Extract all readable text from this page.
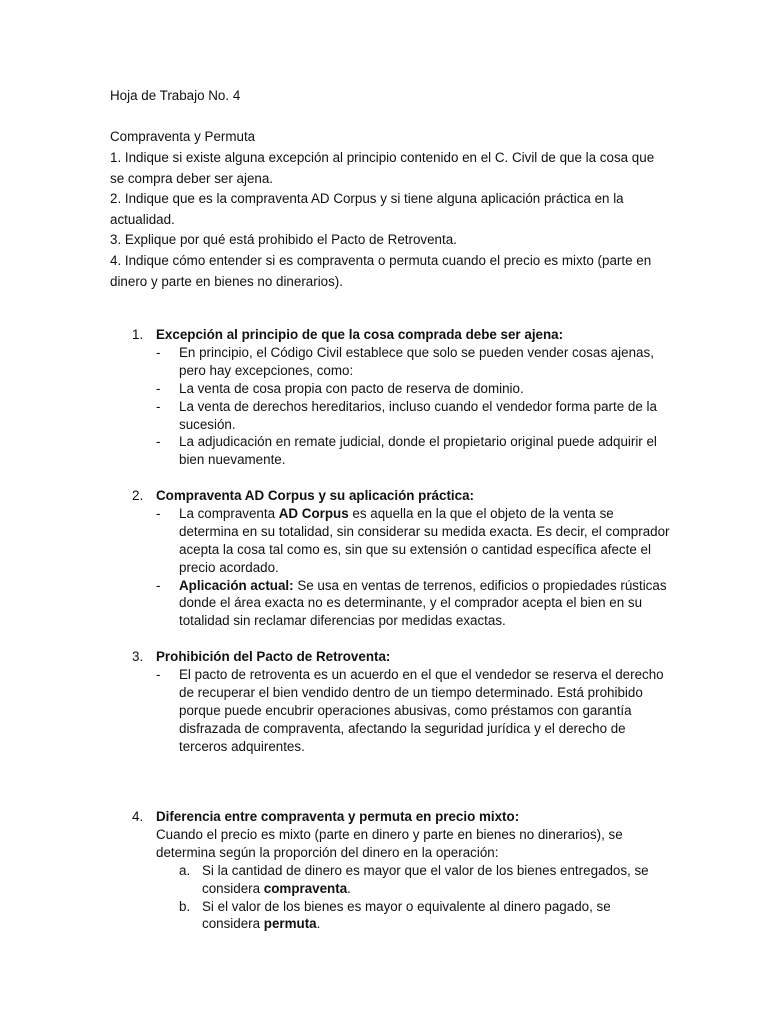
Hoja de Trabajo No. 4

Compraventa y Permuta

1. Indique si existe alguna excepción al principio contenido en el C. Civil de que la cosa que se compra deber ser ajena.
2. Indique que es la compraventa AD Corpus y si tiene alguna aplicación práctica en la actualidad.
3. Explique por qué está prohibido el Pacto de Retroventa.
4. Indique cómo entender si es compraventa o permuta cuando el precio es mixto (parte en dinero y parte en bienes no dinerarios).
1. Excepción al principio de que la cosa comprada debe ser ajena:
- En principio, el Código Civil establece que solo se pueden vender cosas ajenas, pero hay excepciones, como:
- La venta de cosa propia con pacto de reserva de dominio.
- La venta de derechos hereditarios, incluso cuando el vendedor forma parte de la sucesión.
- La adjudicación en remate judicial, donde el propietario original puede adquirir el bien nuevamente.
2. Compraventa AD Corpus y su aplicación práctica:
- La compraventa AD Corpus es aquella en la que el objeto de la venta se determina en su totalidad, sin considerar su medida exacta. Es decir, el comprador acepta la cosa tal como es, sin que su extensión o cantidad específica afecte el precio acordado.
- Aplicación actual: Se usa en ventas de terrenos, edificios o propiedades rústicas donde el área exacta no es determinante, y el comprador acepta el bien en su totalidad sin reclamar diferencias por medidas exactas.
3. Prohibición del Pacto de Retroventa:
- El pacto de retroventa es un acuerdo en el que el vendedor se reserva el derecho de recuperar el bien vendido dentro de un tiempo determinado. Está prohibido porque puede encubrir operaciones abusivas, como préstamos con garantía disfrazada de compraventa, afectando la seguridad jurídica y el derecho de terceros adquirentes.
4. Diferencia entre compraventa y permuta en precio mixto:
Cuando el precio es mixto (parte en dinero y parte en bienes no dinerarios), se determina según la proporción del dinero en la operación:
a. Si la cantidad de dinero es mayor que el valor de los bienes entregados, se considera compraventa.
b. Si el valor de los bienes es mayor o equivalente al dinero pagado, se considera permuta.
